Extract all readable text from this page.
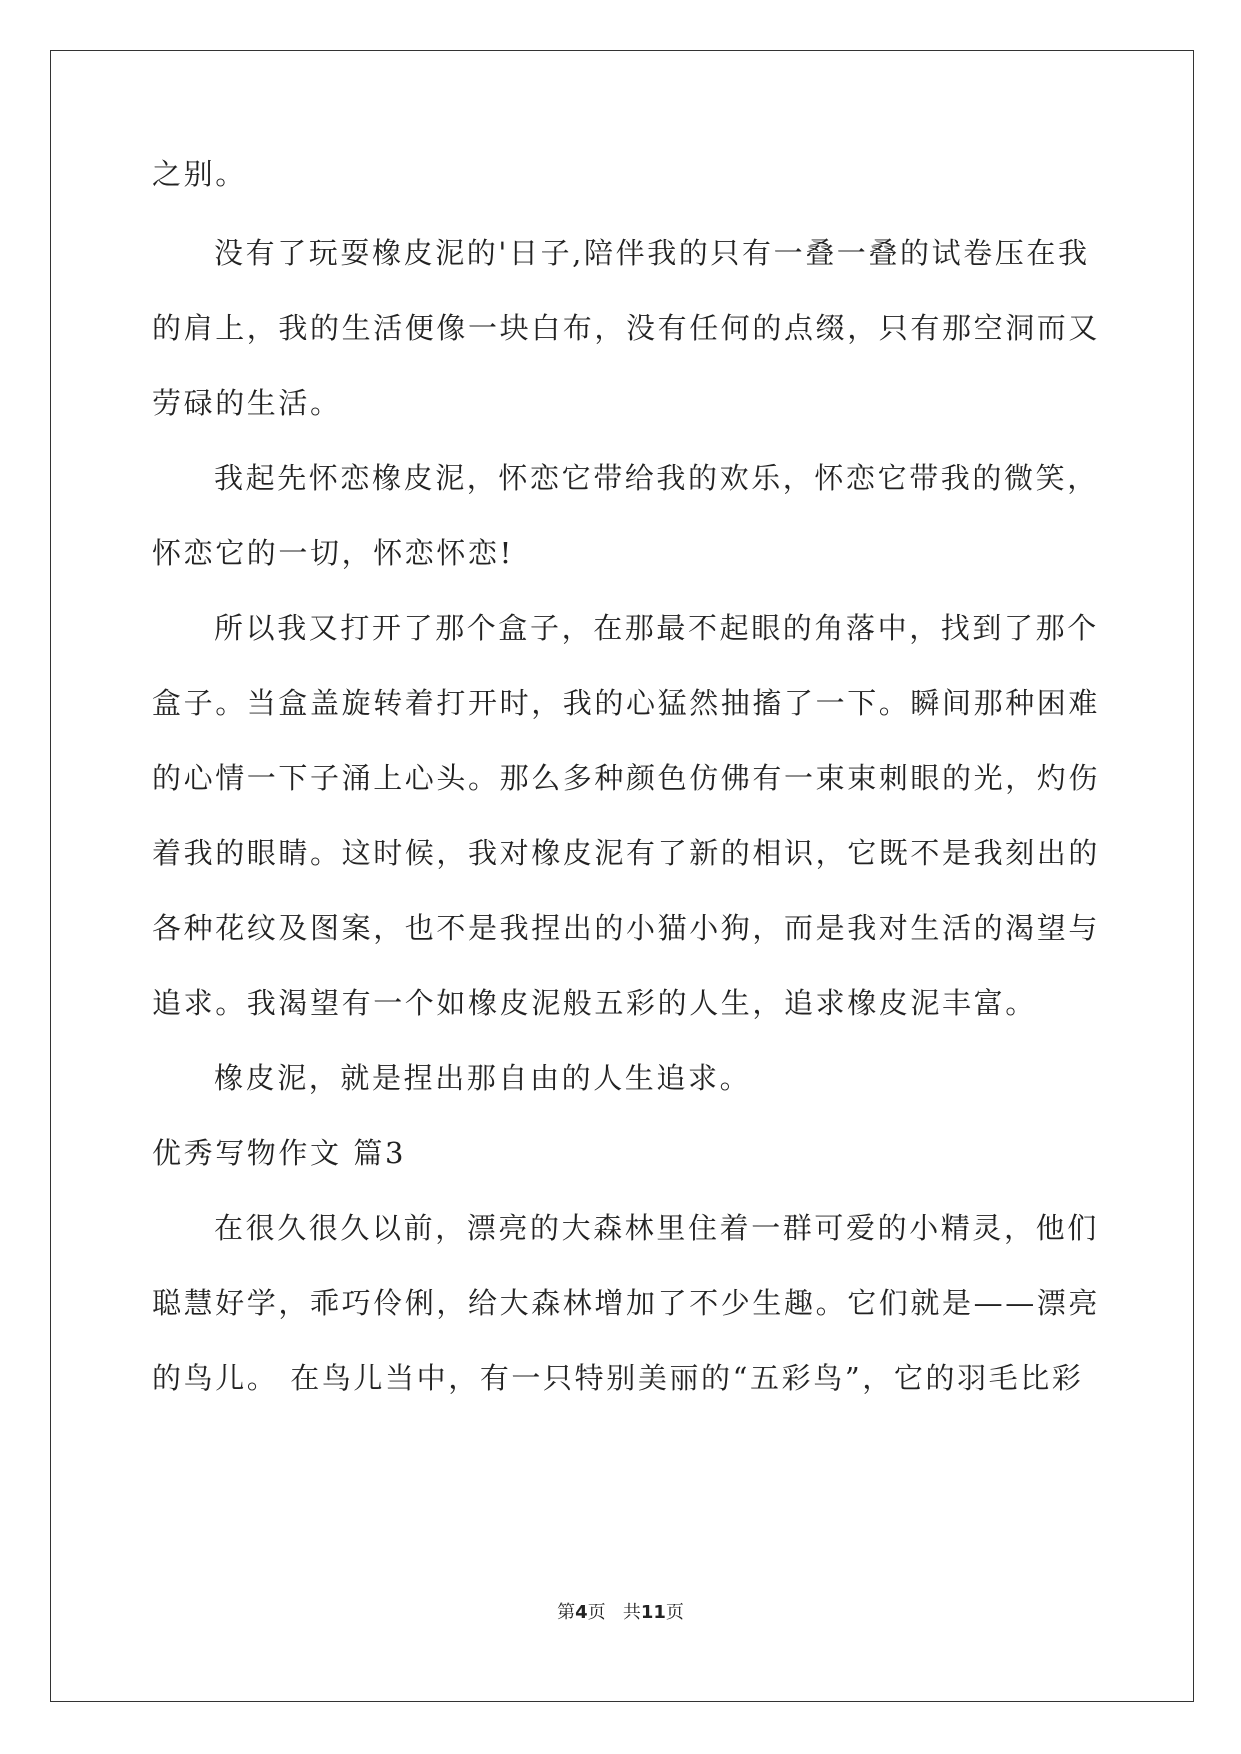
之别。
没有了玩耍橡皮泥的'日子,陪伴我的只有一叠一叠的试卷压在我
的肩上，我的生活便像一块白布，没有任何的点缀，只有那空洞而又
劳碌的生活。
我起先怀恋橡皮泥，怀恋它带给我的欢乐，怀恋它带我的微笑，
怀恋它的一切，怀恋怀恋!
所以我又打开了那个盒子，在那最不起眼的角落中，找到了那个
盒子。当盒盖旋转着打开时，我的心猛然抽搐了一下。瞬间那种困难
的心情一下子涌上心头。那么多种颜色仿佛有一束束刺眼的光，灼伤
着我的眼睛。这时候，我对橡皮泥有了新的相识，它既不是我刻出的
各种花纹及图案，也不是我捏出的小猫小狗，而是我对生活的渴望与
追求。我渴望有一个如橡皮泥般五彩的人生，追求橡皮泥丰富。
橡皮泥，就是捏出那自由的人生追求。
优秀写物作文 篇3
在很久很久以前，漂亮的大森林里住着一群可爱的小精灵，他们
聪慧好学，乖巧伶俐，给大森林增加了不少生趣。它们就是——漂亮
的鸟儿。 在鸟儿当中，有一只特别美丽的“五彩鸟”，它的羽毛比彩
第4页 共11页
